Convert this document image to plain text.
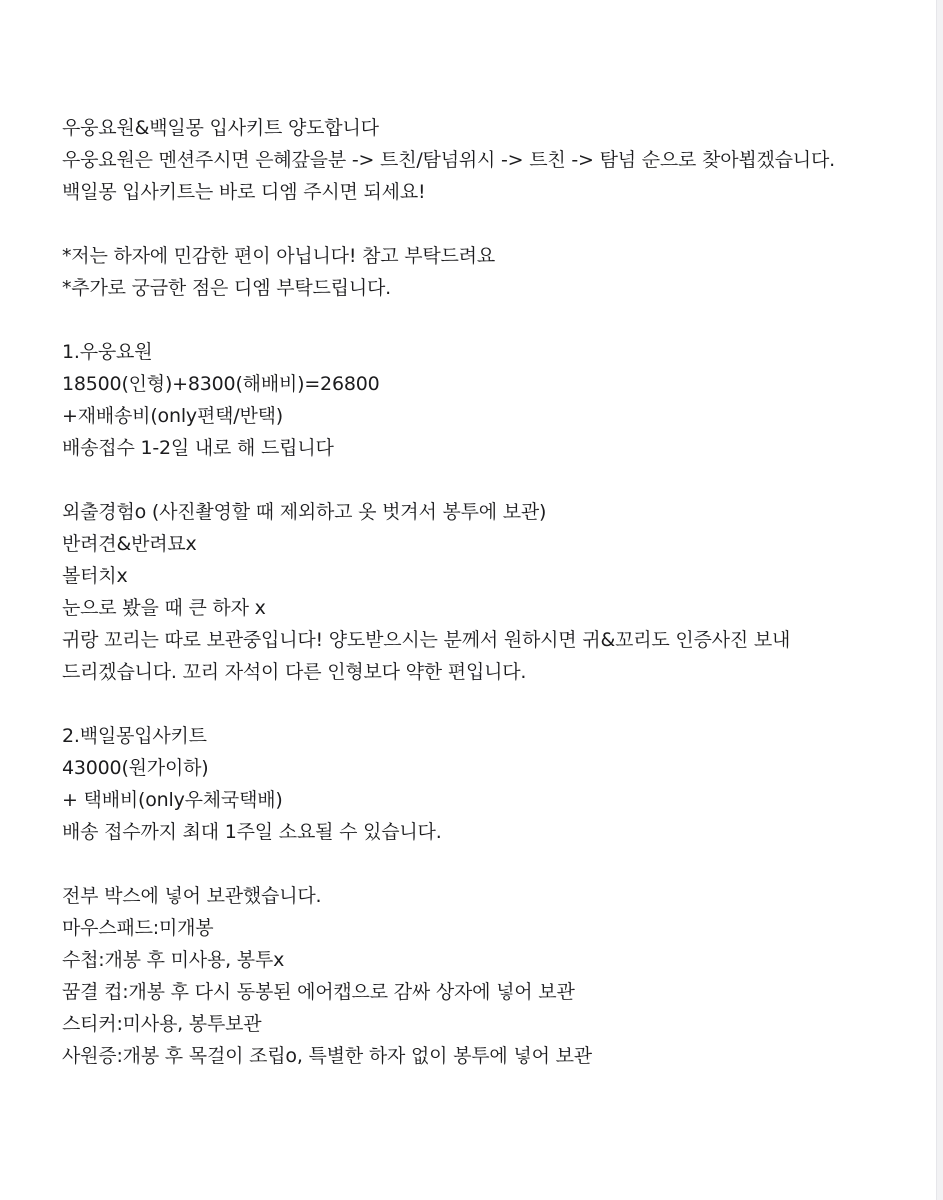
우웅요원&백일몽 입사키트 양도합니다
우웅요원은 멘션주시면 은혜갚을분 -> 트친/탐넘위시 -> 트친 -> 탐넘 순으로 찾아뵙겠습니다.
백일몽 입사키트는 바로 디엠 주시면 되세요!
*저는 하자에 민감한 편이 아닙니다! 참고 부탁드려요
*추가로 궁금한 점은 디엠 부탁드립니다.
1.우웅요원
18500(인형)+8300(해배비)=26800
+재배송비(only편택/반택)
배송접수 1-2일 내로 해 드립니다
외출경험o (사진촬영할 때 제외하고 옷 벗겨서 봉투에 보관)
반려견&반려묘x
볼터치x
눈으로 봤을 때 큰 하자 x
귀랑 꼬리는 따로 보관중입니다! 양도받으시는 분께서 원하시면 귀&꼬리도 인증사진 보내
드리겠습니다. 꼬리 자석이 다른 인형보다 약한 편입니다.
2.백일몽입사키트
43000(원가이하)
+ 택배비(only우체국택배)
배송 접수까지 최대 1주일 소요될 수 있습니다.
전부 박스에 넣어 보관했습니다.
마우스패드:미개봉
수첩:개봉 후 미사용, 봉투x
꿈결 컵:개봉 후 다시 동봉된 에어캡으로 감싸 상자에 넣어 보관
스티커:미사용, 봉투보관
사원증:개봉 후 목걸이 조립o, 특별한 하자 없이 봉투에 넣어 보관
